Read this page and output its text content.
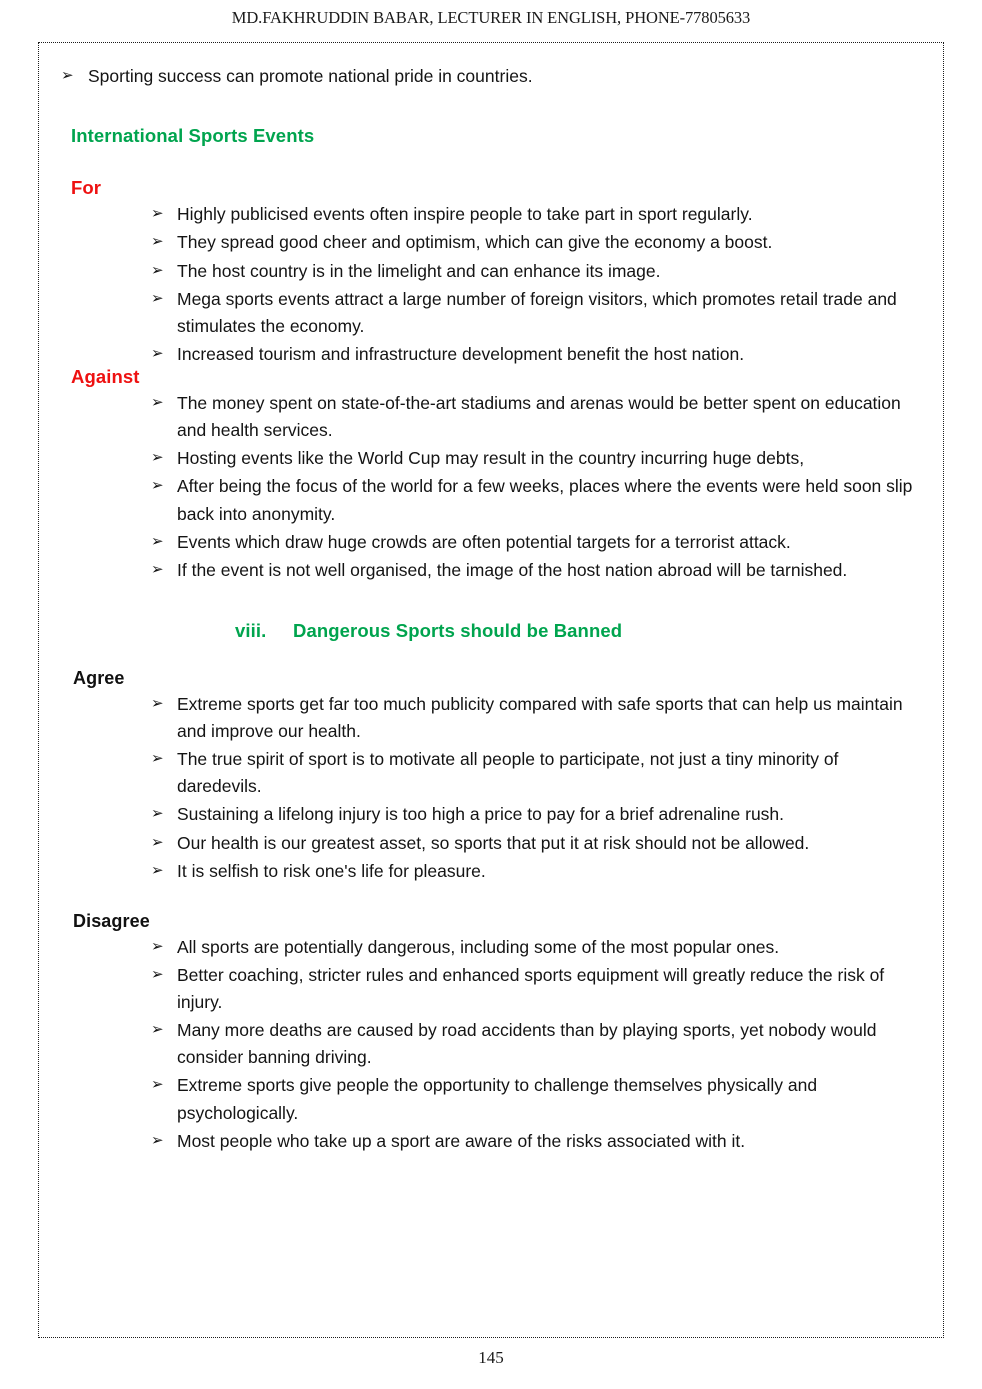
MD.FAKHRUDDIN BABAR, LECTURER IN ENGLISH, PHONE-77805633
➢ Sporting success can promote national pride in countries.
International Sports Events
For
➢ Highly publicised events often inspire people to take part in sport regularly.
➢ They spread good cheer and optimism, which can give the economy a boost.
➢ The host country is in the limelight and can enhance its image.
➢ Mega sports events attract a large number of foreign visitors, which promotes retail trade and stimulates the economy.
➢ Increased tourism and infrastructure development benefit the host nation.
Against
➢ The money spent on state-of-the-art stadiums and arenas would be better spent on education and health services.
➢ Hosting events like the World Cup may result in the country incurring huge debts,
➢ After being the focus of the world for a few weeks, places where the events were held soon slip back into anonymity.
➢ Events which draw huge crowds are often potential targets for a terrorist attack.
➢ If the event is not well organised, the image of the host nation abroad will be tarnished.
viii. Dangerous Sports should be Banned
Agree
➢ Extreme sports get far too much publicity compared with safe sports that can help us maintain and improve our health.
➢ The true spirit of sport is to motivate all people to participate, not just a tiny minority of daredevils.
➢ Sustaining a lifelong injury is too high a price to pay for a brief adrenaline rush.
➢ Our health is our greatest asset, so sports that put it at risk should not be allowed.
➢ It is selfish to risk one's life for pleasure.
Disagree
➢ All sports are potentially dangerous, including some of the most popular ones.
➢ Better coaching, stricter rules and enhanced sports equipment will greatly reduce the risk of injury.
➢ Many more deaths are caused by road accidents than by playing sports, yet nobody would consider banning driving.
➢ Extreme sports give people the opportunity to challenge themselves physically and psychologically.
➢ Most people who take up a sport are aware of the risks associated with it.
145
